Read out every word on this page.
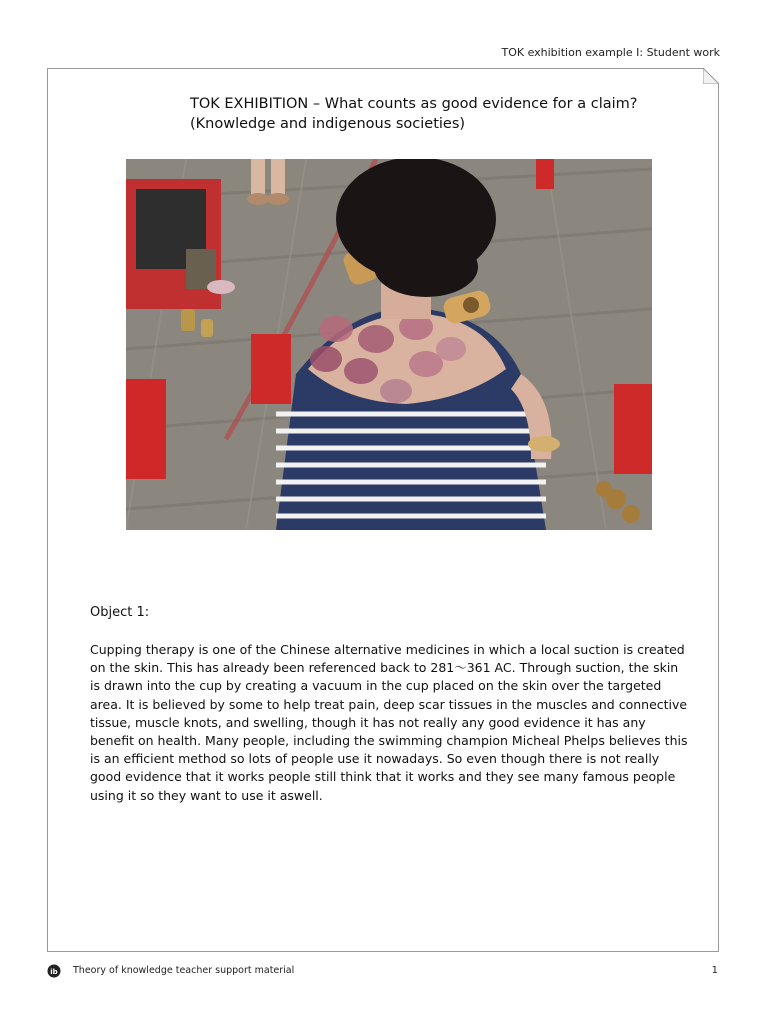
TOK exhibition example I: Student work
TOK EXHIBITION – What counts as good evidence for a claim?
(Knowledge and indigenous societies)
Object 1:
Cupping therapy is one of the Chinese alternative medicines in which a local suction is created on the skin. This has already been referenced back to 281～361 AC. Through suction, the skin is drawn into the cup by creating a vacuum in the cup placed on the skin over the targeted area. It is believed by some to help treat pain, deep scar tissues in the muscles and connective tissue, muscle knots, and swelling, though it has not really any good evidence it has any benefit on health. Many people, including the swimming champion Micheal Phelps believes this is an efficient method so lots of people use it nowadays. So even though there is not really good evidence that it works people still think that it works and they see many famous people using it so they want to use it aswell.
ib Theory of knowledge teacher support material	1
